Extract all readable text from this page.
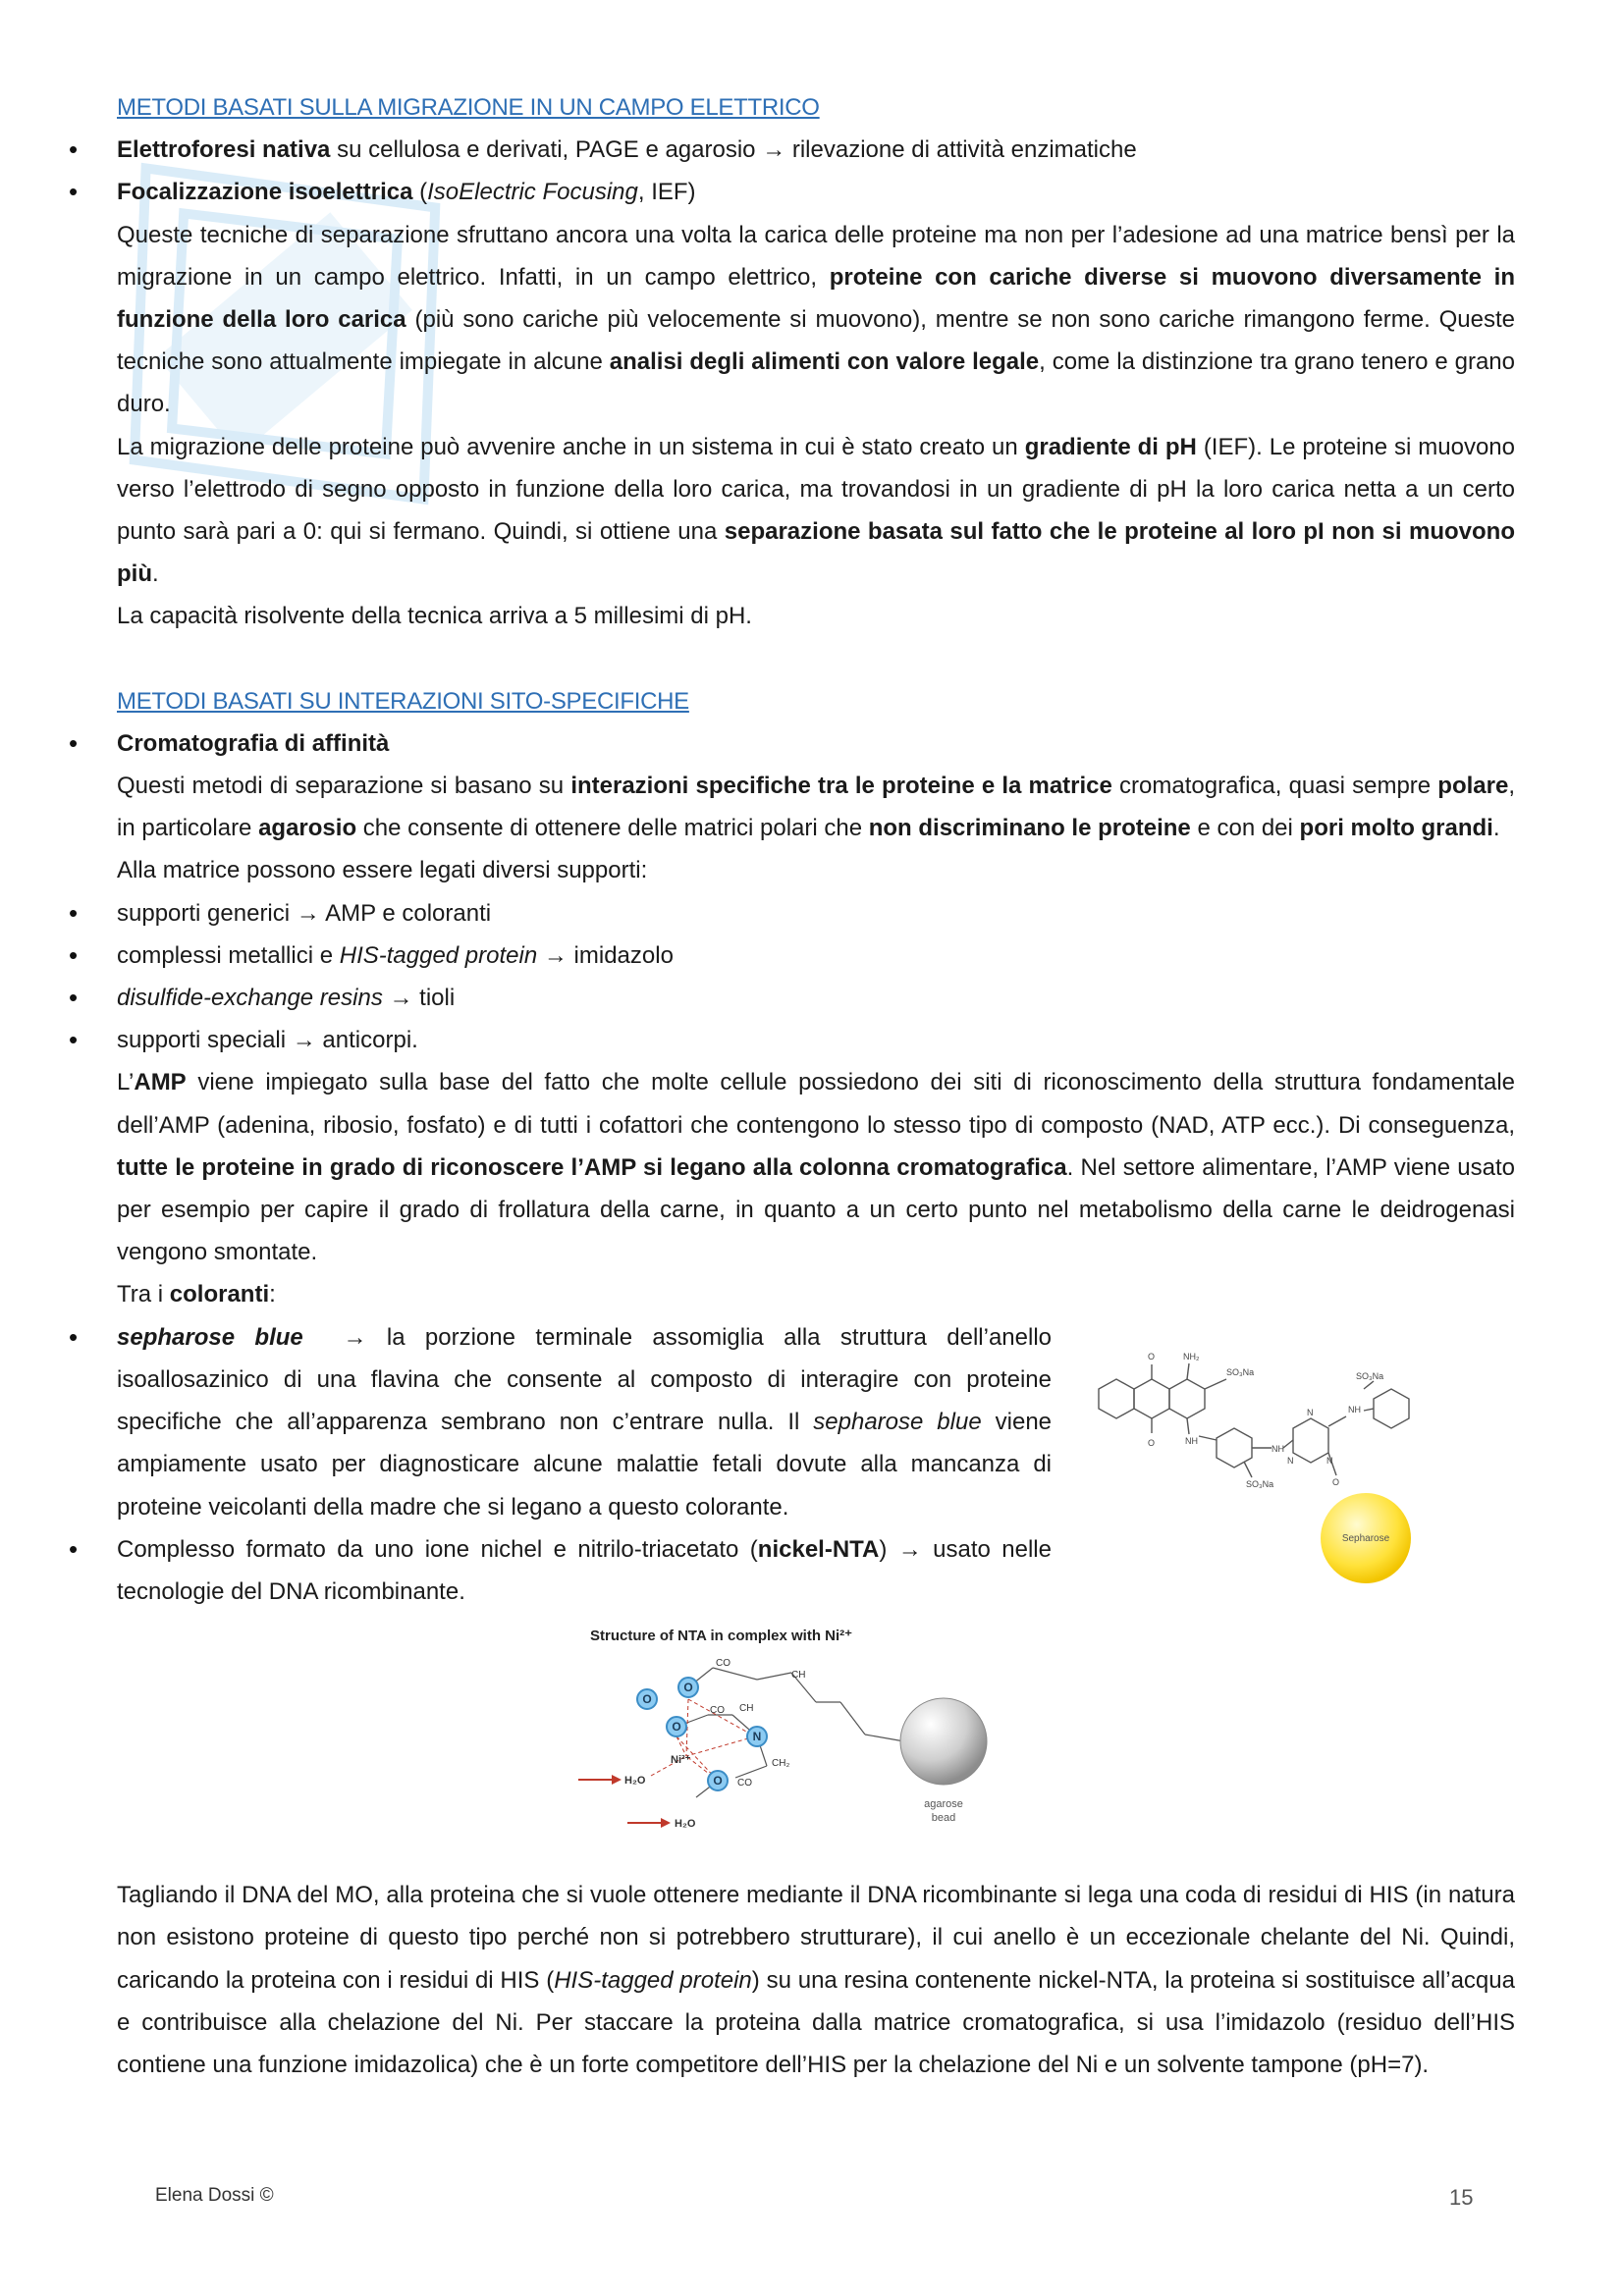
METODI BASATI SULLA MIGRAZIONE IN UN CAMPO ELETTRICO

• Elettroforesi nativa su cellulosa e derivati, PAGE e agarosio → rilevazione di attività enzimatiche

• Focalizzazione isoelettrica (IsoElectric Focusing, IEF)

Queste tecniche di separazione sfruttano ancora una volta la carica delle proteine ma non per l’adesione ad una matrice bensì per la migrazione in un campo elettrico. Infatti, in un campo elettrico, proteine con cariche diverse si muovono diversamente in funzione della loro carica (più sono cariche più velocemente si muovono), mentre se non sono cariche rimangono ferme. Queste tecniche sono attualmente impiegate in alcune analisi degli alimenti con valore legale, come la distinzione tra grano tenero e grano duro.

La migrazione delle proteine può avvenire anche in un sistema in cui è stato creato un gradiente di pH (IEF). Le proteine si muovono verso l’elettrodo di segno opposto in funzione della loro carica, ma trovandosi in un gradiente di pH la loro carica netta a un certo punto sarà pari a 0: qui si fermano. Quindi, si ottiene una separazione basata sul fatto che le proteine al loro pI non si muovono più.

La capacità risolvente della tecnica arriva a 5 millesimi di pH.

METODI BASATI SU INTERAZIONI SITO-SPECIFICHE

• Cromatografia di affinità

Questi metodi di separazione si basano su interazioni specifiche tra le proteine e la matrice cromatografica, quasi sempre polare, in particolare agarosio che consente di ottenere delle matrici polari che non discriminano le proteine e con dei pori molto grandi.

Alla matrice possono essere legati diversi supporti:

• supporti generici → AMP e coloranti

• complessi metallici e HIS-tagged protein → imidazolo

• disulfide-exchange resins → tioli

• supporti speciali → anticorpi.

L’AMP viene impiegato sulla base del fatto che molte cellule possiedono dei siti di riconoscimento della struttura fondamentale dell’AMP (adenina, ribosio, fosfato) e di tutti i cofattori che contengono lo stesso tipo di composto (NAD, ATP ecc.). Di conseguenza, tutte le proteine in grado di riconoscere l’AMP si legano alla colonna cromatografica. Nel settore alimentare, l’AMP viene usato per esempio per capire il grado di frollatura della carne, in quanto a un certo punto nel metabolismo della carne le deidrogenasi vengono smontate.

Tra i coloranti:

• sepharose blue → la porzione terminale assomiglia alla struttura dell’anello isoallosazinico di una flavina che consente al composto di interagire con proteine specifiche che all’apparenza sembrano non c’entrare nulla. Il sepharose blue viene ampiamente usato per diagnosticare alcune malattie fetali dovute alla mancanza di proteine veicolanti della madre che si legano a questo colorante.

• Complesso formato da uno ione nichel e nitrilo-triacetato (nickel-NTA) → usato nelle tecnologie del DNA ricombinante.

O	NH₂
SO₃Na
O	NH
NH
SO₃Na
N
N	N
SO₃Na
NH
O
Sepharose
Structure of NTA in complex with Ni²⁺
O
O
O
O
N
CO
CH
CO CH
CH₂
CO
Ni²⁺
H₂O
H₂O
agarose
bead

Tagliando il DNA del MO, alla proteina che si vuole ottenere mediante il DNA ricombinante si lega una coda di residui di HIS (in natura non esistono proteine di questo tipo perché non si potrebbero strutturare), il cui anello è un eccezionale chelante del Ni. Quindi, caricando la proteina con i residui di HIS (HIS-tagged protein) su una resina contenente nickel-NTA, la proteina si sostituisce all’acqua e contribuisce alla chelazione del Ni. Per staccare la proteina dalla matrice cromatografica, si usa l’imidazolo (residuo dell’HIS contiene una funzione imidazolica) che è un forte competitore dell’HIS per la chelazione del Ni e un solvente tampone (pH=7).

Elena Dossi ©	15
